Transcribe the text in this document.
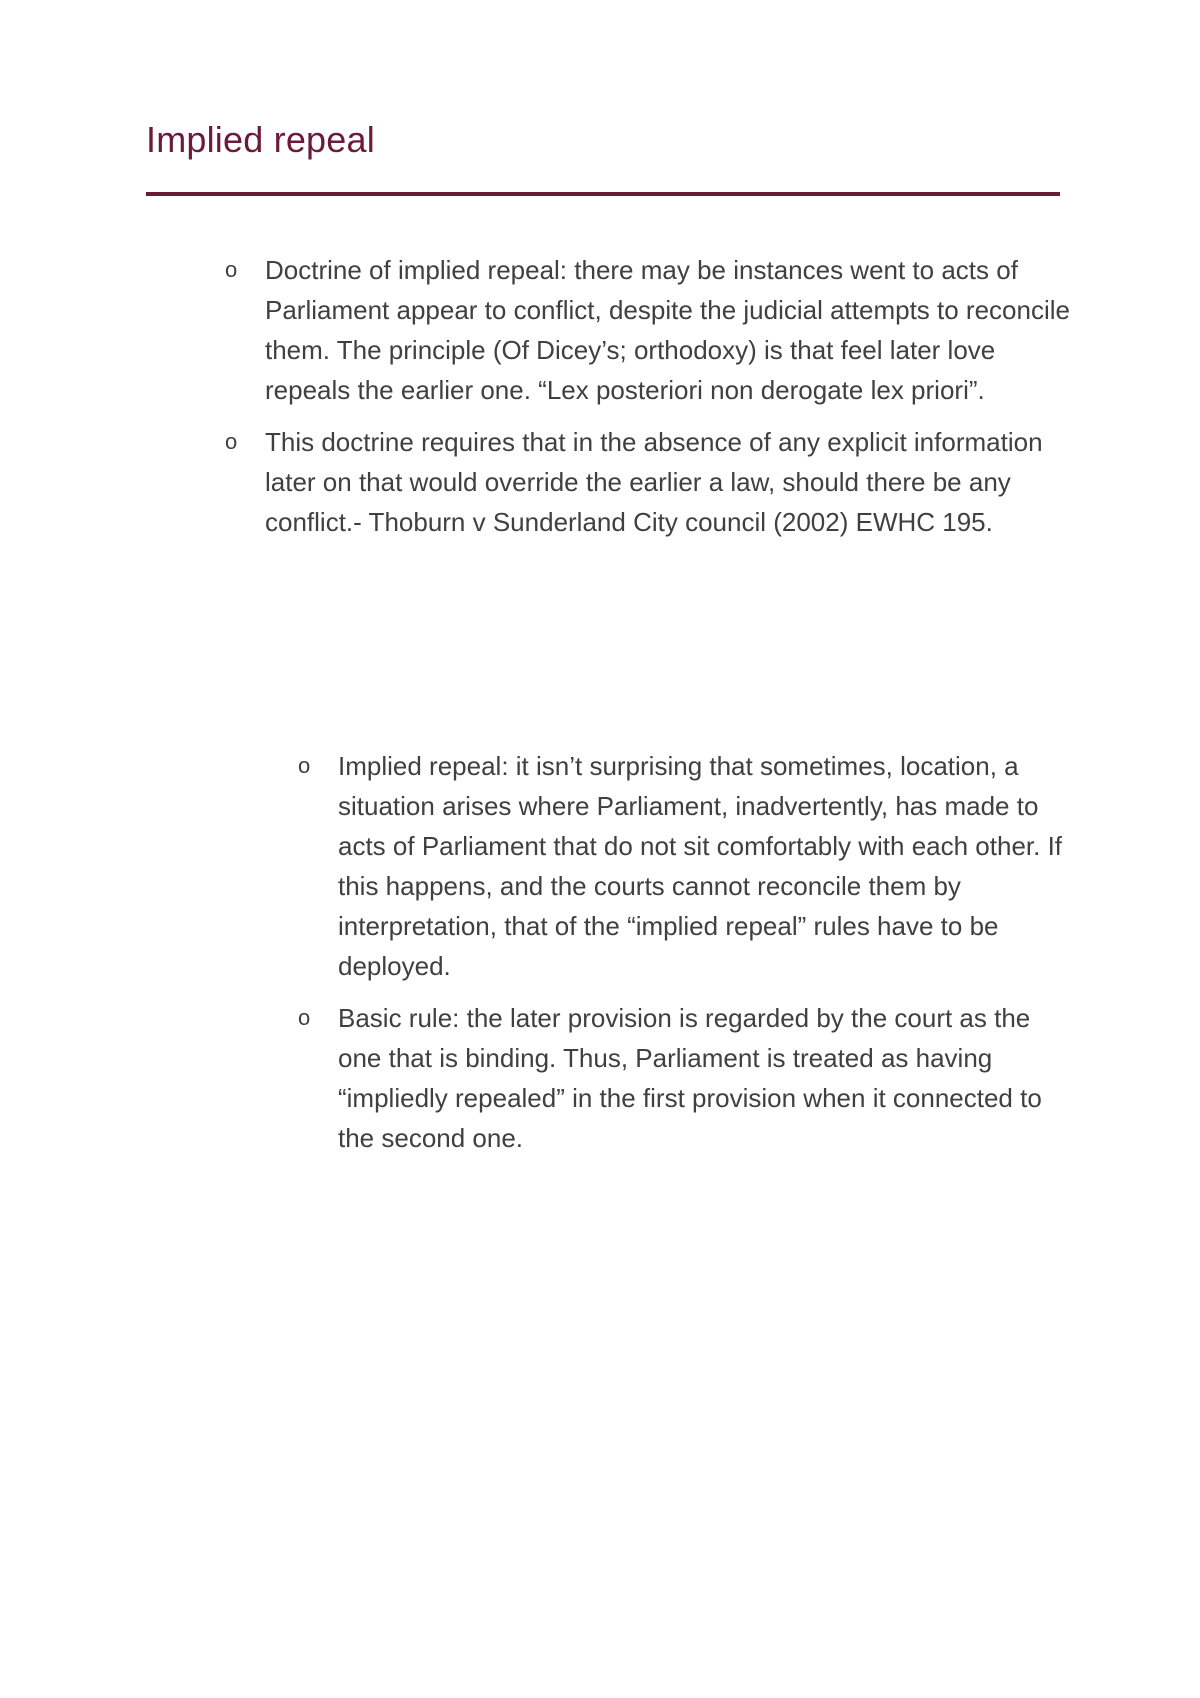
Implied repeal
o Doctrine of implied repeal: there may be instances went to acts of Parliament appear to conflict, despite the judicial attempts to reconcile them. The principle (Of Dicey’s; orthodoxy) is that feel later love repeals the earlier one. “Lex posteriori non derogate lex priori”.
o This doctrine requires that in the absence of any explicit information later on that would override the earlier a law, should there be any conflict.- Thoburn v Sunderland City council (2002) EWHC 195.
o Implied repeal: it isn’t surprising that sometimes, location, a situation arises where Parliament, inadvertently, has made to acts of Parliament that do not sit comfortably with each other. If this happens, and the courts cannot reconcile them by interpretation, that of the “implied repeal” rules have to be deployed.
o Basic rule: the later provision is regarded by the court as the one that is binding. Thus, Parliament is treated as having “impliedly repealed” in the first provision when it connected to the second one.
